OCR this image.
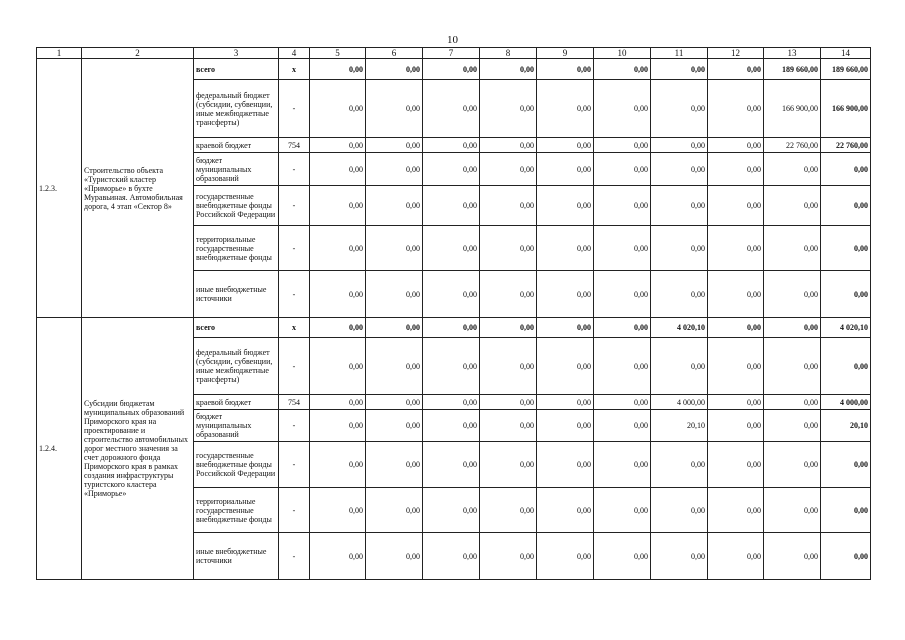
10
1	2	3	4	5	6	7	8	9	10	11	12	13	14
1.2.3.	Строительство объекта «Туристский кластер «Приморье» в бухте Муравьиная. Автомобильная дорога, 4 этап «Сектор 8»	всего	x	0,00	0,00	0,00	0,00	0,00	0,00	0,00	0,00	189 660,00	189 660,00
		федеральный бюджет (субсидии, субвенции, иные межбюджетные трансферты)	-	0,00	0,00	0,00	0,00	0,00	0,00	0,00	0,00	166 900,00	166 900,00
		краевой бюджет	754	0,00	0,00	0,00	0,00	0,00	0,00	0,00	0,00	22 760,00	22 760,00
		бюджет муниципальных образований	-	0,00	0,00	0,00	0,00	0,00	0,00	0,00	0,00	0,00	0,00
		государственные внебюджетные фонды Российской Федерации	-	0,00	0,00	0,00	0,00	0,00	0,00	0,00	0,00	0,00	0,00
		территориальные государственные внебюджетные фонды	-	0,00	0,00	0,00	0,00	0,00	0,00	0,00	0,00	0,00	0,00
		иные внебюджетные источники	-	0,00	0,00	0,00	0,00	0,00	0,00	0,00	0,00	0,00	0,00
1.2.4.	Субсидии бюджетам муниципальных образований Приморского края на проектирование и строительство автомобильных дорог местного значения за счет дорожного фонда Приморского края в рамках создания инфраструктуры туристского кластера «Приморье»	всего	x	0,00	0,00	0,00	0,00	0,00	0,00	4 020,10	0,00	0,00	4 020,10
		федеральный бюджет (субсидии, субвенции, иные межбюджетные трансферты)	-	0,00	0,00	0,00	0,00	0,00	0,00	0,00	0,00	0,00	0,00
		краевой бюджет	754	0,00	0,00	0,00	0,00	0,00	0,00	4 000,00	0,00	0,00	4 000,00
		бюджет муниципальных образований	-	0,00	0,00	0,00	0,00	0,00	0,00	20,10	0,00	0,00	20,10
		государственные внебюджетные фонды Российской Федерации	-	0,00	0,00	0,00	0,00	0,00	0,00	0,00	0,00	0,00	0,00
		территориальные государственные внебюджетные фонды	-	0,00	0,00	0,00	0,00	0,00	0,00	0,00	0,00	0,00	0,00
		иные внебюджетные источники	-	0,00	0,00	0,00	0,00	0,00	0,00	0,00	0,00	0,00	0,00
